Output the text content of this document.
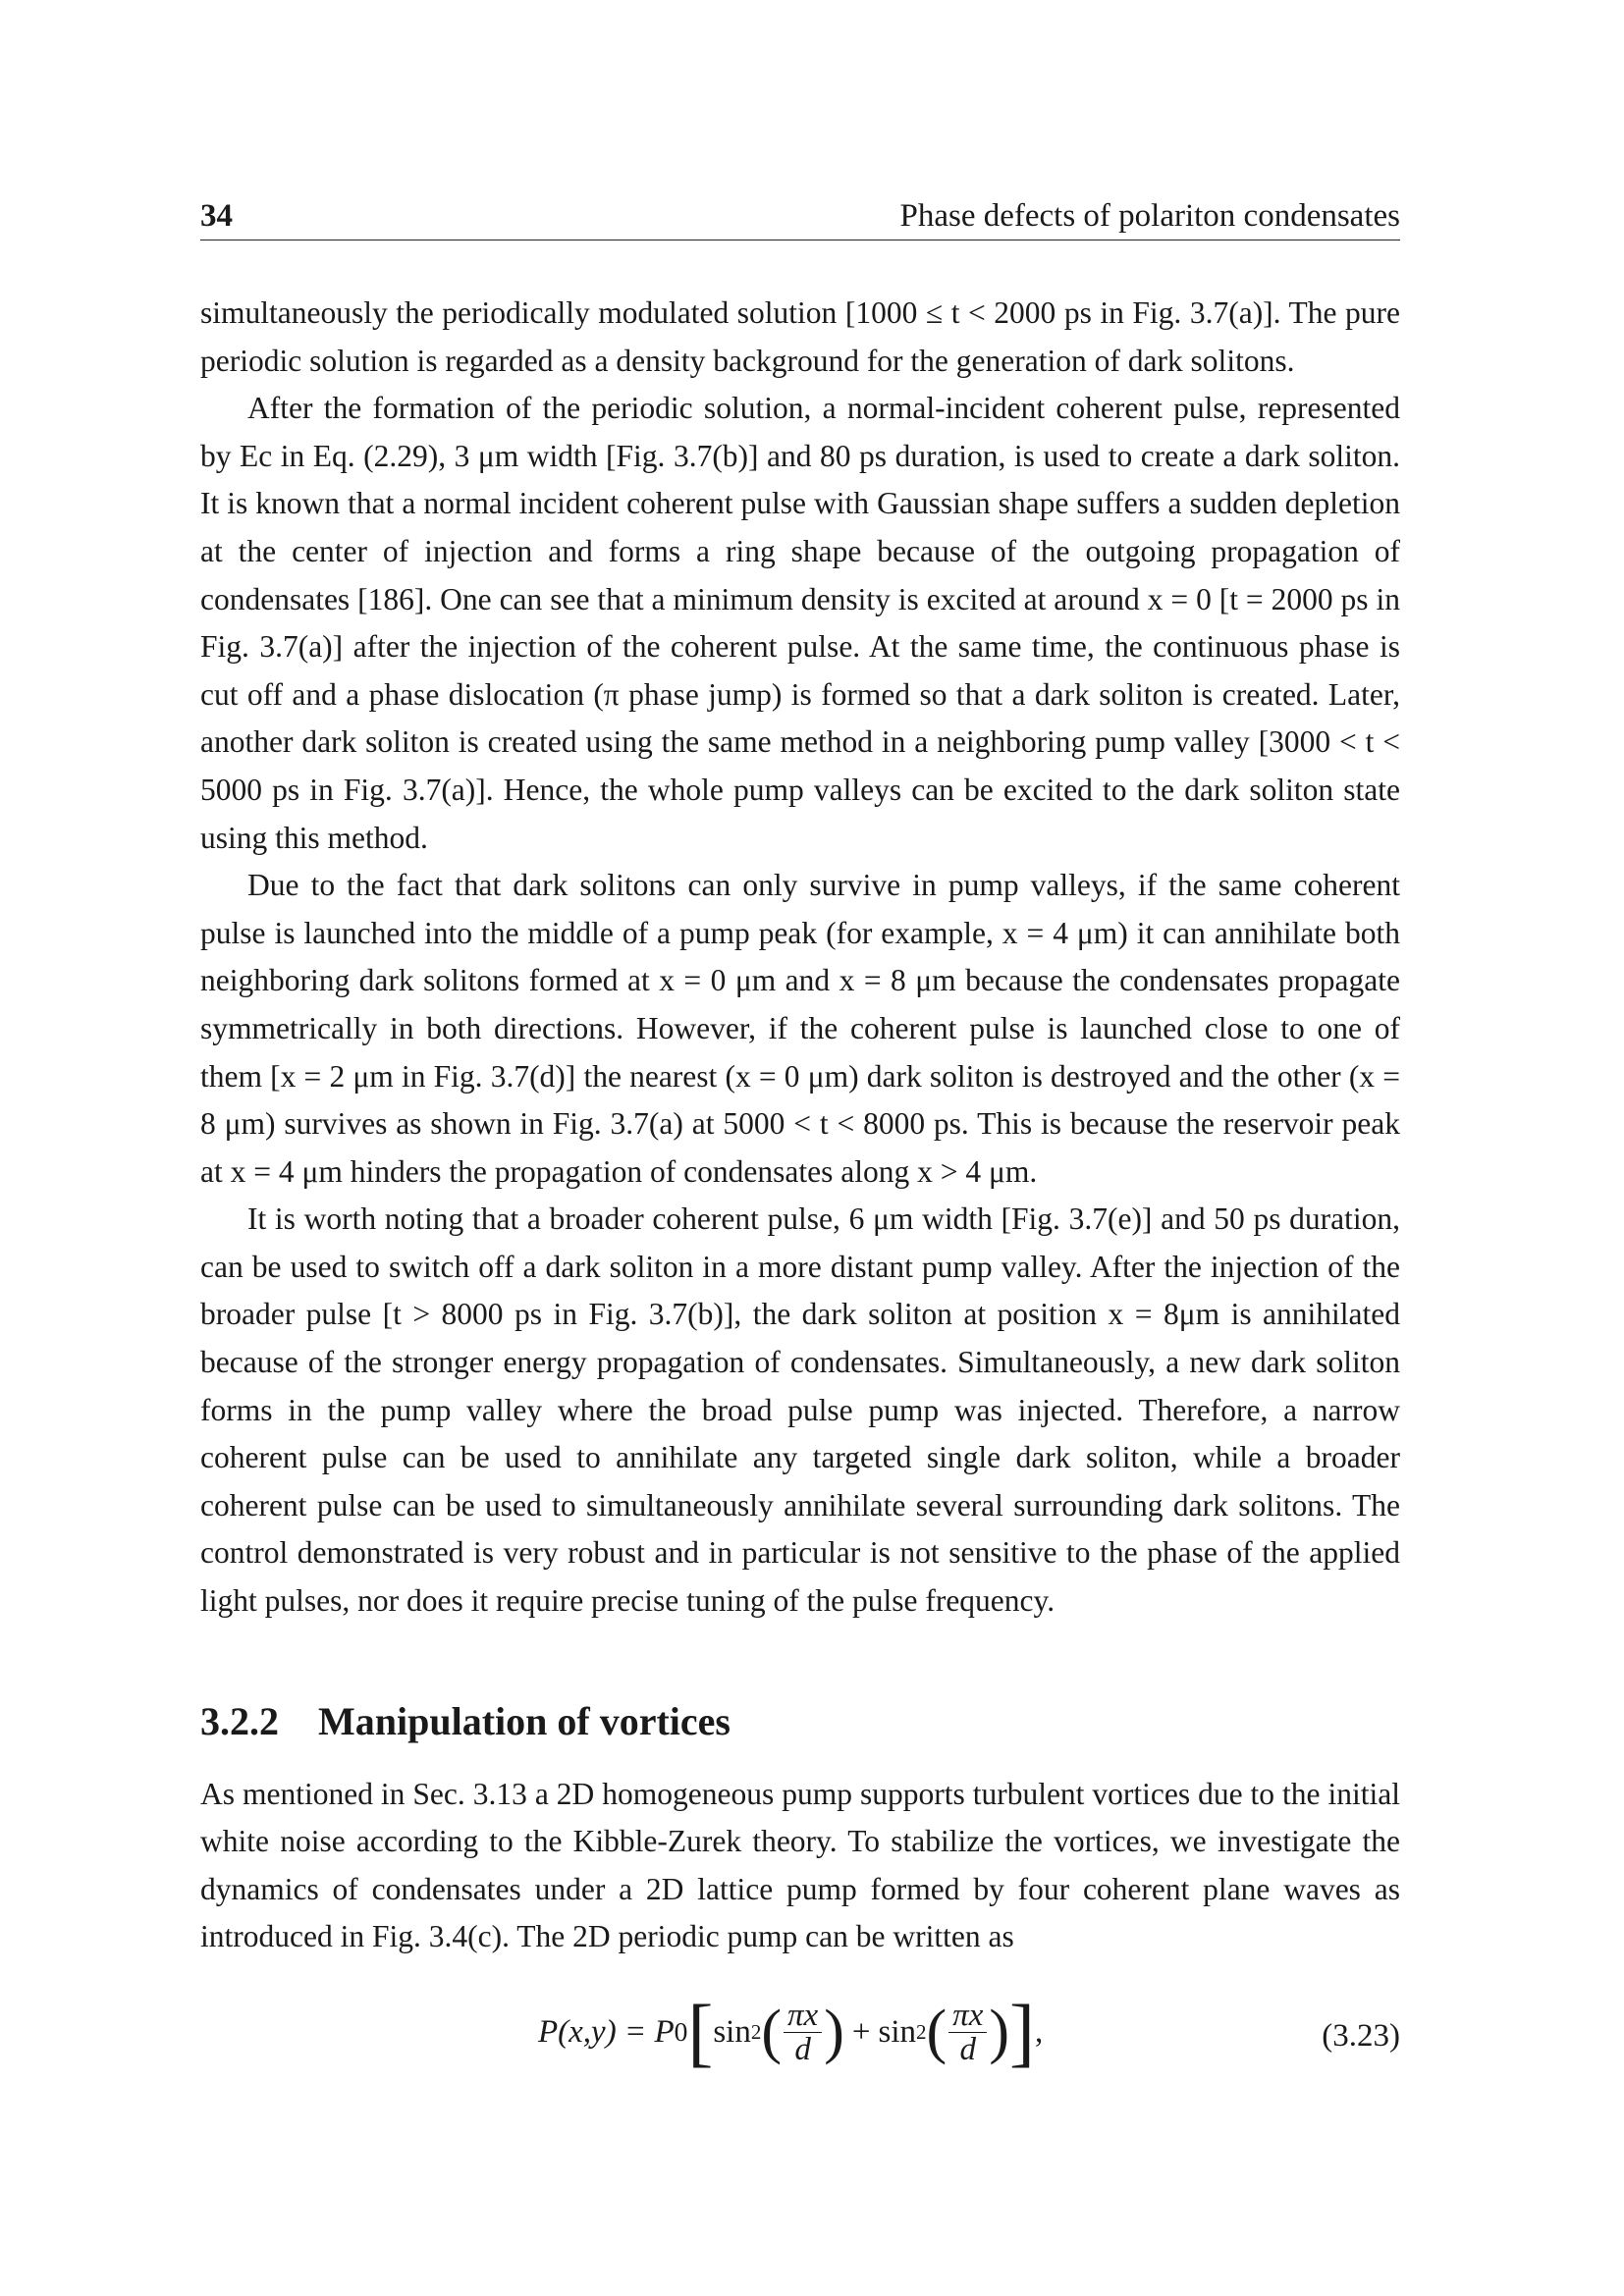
34	Phase defects of polariton condensates

simultaneously the periodically modulated solution [1000 ≤ t < 2000 ps in Fig. 3.7(a)]. The pure periodic solution is regarded as a density background for the generation of dark solitons.

After the formation of the periodic solution, a normal-incident coherent pulse, represented by Ec in Eq. (2.29), 3 μm width [Fig. 3.7(b)] and 80 ps duration, is used to create a dark soliton. It is known that a normal incident coherent pulse with Gaussian shape suffers a sudden depletion at the center of injection and forms a ring shape because of the outgoing propagation of condensates [186]. One can see that a minimum density is excited at around x = 0 [t = 2000 ps in Fig. 3.7(a)] after the injection of the coherent pulse. At the same time, the continuous phase is cut off and a phase dislocation (π phase jump) is formed so that a dark soliton is created. Later, another dark soliton is created using the same method in a neighboring pump valley [3000 < t < 5000 ps in Fig. 3.7(a)]. Hence, the whole pump valleys can be excited to the dark soliton state using this method.

Due to the fact that dark solitons can only survive in pump valleys, if the same coherent pulse is launched into the middle of a pump peak (for example, x = 4 μm) it can annihilate both neighboring dark solitons formed at x = 0 μm and x = 8 μm because the condensates propagate symmetrically in both directions. However, if the coherent pulse is launched close to one of them [x = 2 μm in Fig. 3.7(d)] the nearest (x = 0 μm) dark soliton is destroyed and the other (x = 8 μm) survives as shown in Fig. 3.7(a) at 5000 < t < 8000 ps. This is because the reservoir peak at x = 4 μm hinders the propagation of condensates along x > 4 μm.

It is worth noting that a broader coherent pulse, 6 μm width [Fig. 3.7(e)] and 50 ps duration, can be used to switch off a dark soliton in a more distant pump valley. After the injection of the broader pulse [t > 8000 ps in Fig. 3.7(b)], the dark soliton at position x = 8μm is annihilated because of the stronger energy propagation of condensates. Simultaneously, a new dark soliton forms in the pump valley where the broad pulse pump was injected. Therefore, a narrow coherent pulse can be used to annihilate any targeted single dark soliton, while a broader coherent pulse can be used to simultaneously annihilate several surrounding dark solitons. The control demonstrated is very robust and in particular is not sensitive to the phase of the applied light pulses, nor does it require precise tuning of the pulse frequency.

3.2.2 Manipulation of vortices

As mentioned in Sec. 3.13 a 2D homogeneous pump supports turbulent vortices due to the initial white noise according to the Kibble-Zurek theory. To stabilize the vortices, we investigate the dynamics of condensates under a 2D lattice pump formed by four coherent plane waves as introduced in Fig. 3.4(c). The 2D periodic pump can be written as

P(x,y) = P 0 [ sin 2 ( $\frac{\pi x}{d}$ ) + sin 2 ( $\frac{\pi x}{d}$ ) ] ,	(3.23)
